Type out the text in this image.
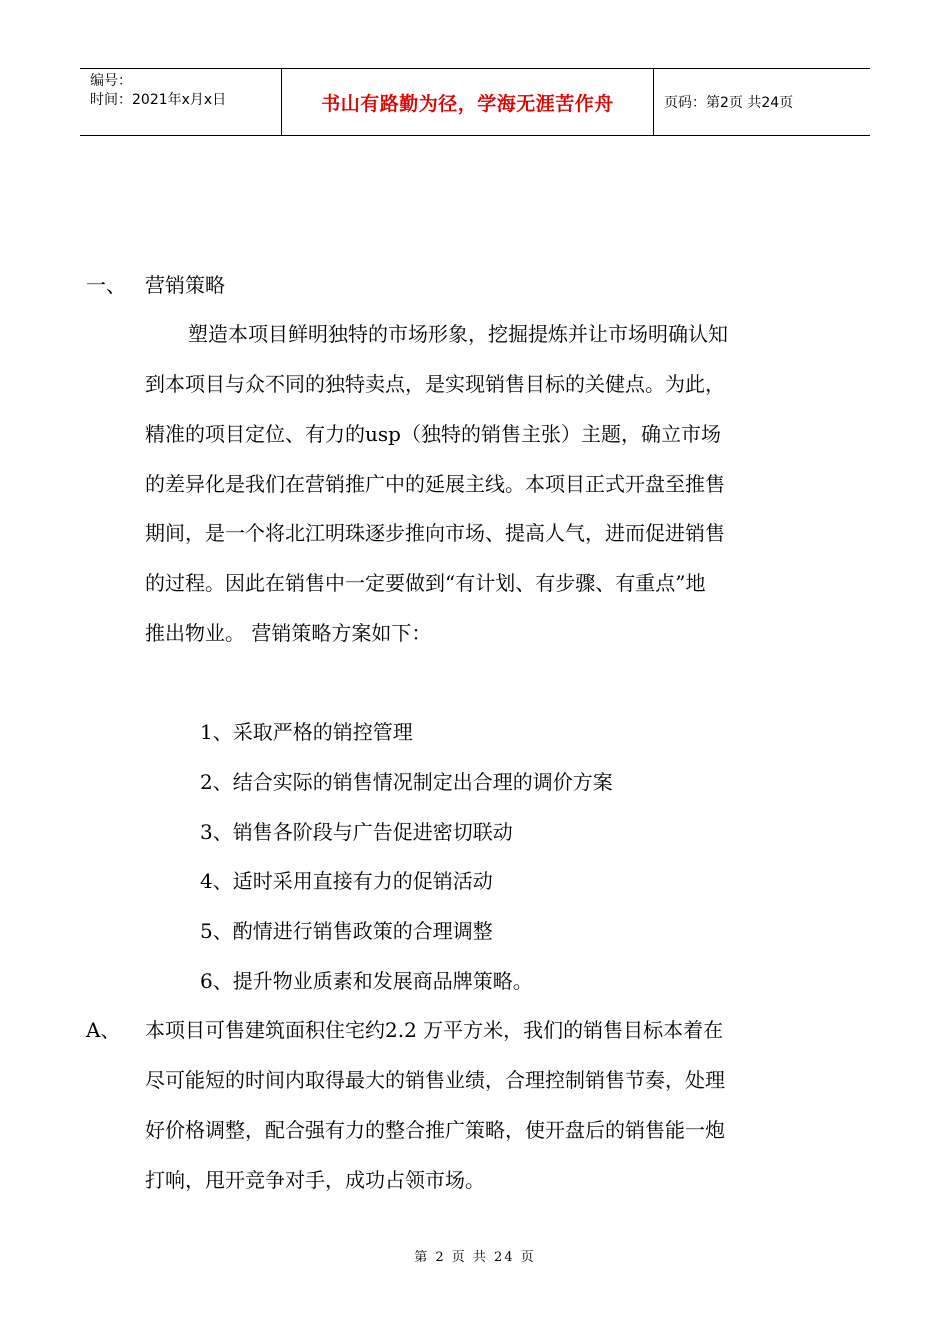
编号：
时间：2021年x月x日	书山有路勤为径，学海无涯苦作舟	页码：第2页 共24页
一、 营销策略
塑造本项目鲜明独特的市场形象，挖掘提炼并让市场明确认知
到本项目与众不同的独特卖点，是实现销售目标的关健点。为此，
精准的项目定位、有力的usp（独特的销售主张）主题，确立市场
的差异化是我们在营销推广中的延展主线。本项目正式开盘至推售
期间，是一个将北江明珠逐步推向市场、提高人气，进而促进销售
的过程。因此在销售中一定要做到“有计划、有步骤、有重点”地
推出物业。 营销策略方案如下：
1、采取严格的销控管理
2、结合实际的销售情况制定出合理的调价方案
3、销售各阶段与广告促进密切联动
4、适时采用直接有力的促销活动
5、酌情进行销售政策的合理调整
6、提升物业质素和发展商品牌策略。
A、 本项目可售建筑面积住宅约2.2 万平方米，我们的销售目标本着在
尽可能短的时间内取得最大的销售业绩，合理控制销售节奏，处理
好价格调整，配合强有力的整合推广策略，使开盘后的销售能一炮
打响，甩开竞争对手，成功占领市场。
第 2 页 共 24 页
